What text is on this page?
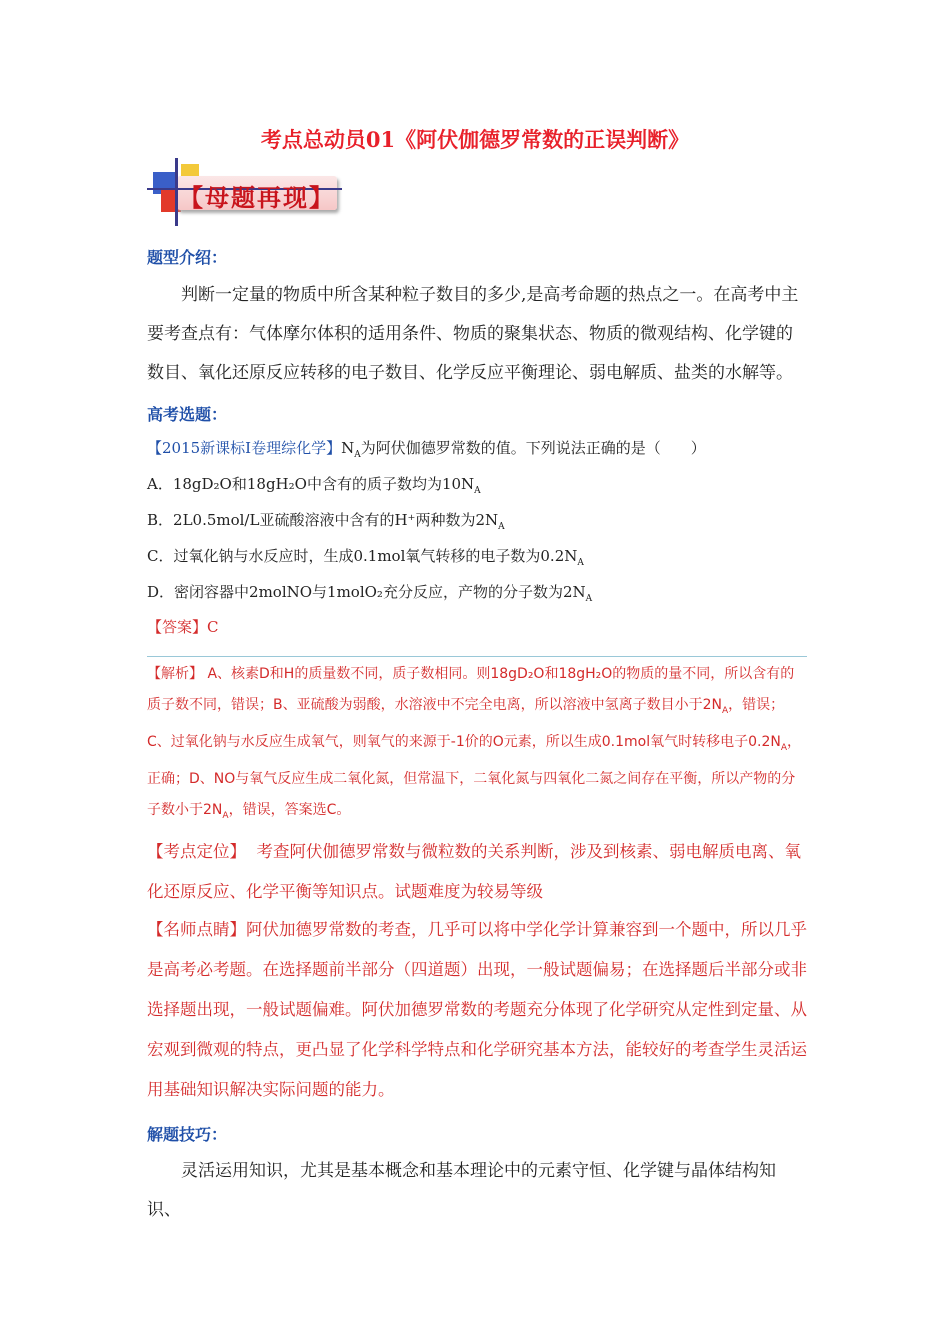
考点总动员01《阿伏伽德罗常数的正误判断》
【母题再现】
题型介绍：
判断一定量的物质中所含某种粒子数目的多少,是高考命题的热点之一。在高考中主要考查点有：气体摩尔体积的适用条件、物质的聚集状态、物质的微观结构、化学键的数目、氧化还原反应转移的电子数目、化学反应平衡理论、弱电解质、盐类的水解等。
高考选题：
【2015新课标Ⅰ卷理综化学】$N_A$为阿伏伽德罗常数的值。下列说法正确的是（　　）
A．18gD₂O和18gH₂O中含有的质子数均为$10N_A$
B．2L0.5mol/L亚硫酸溶液中含有的H⁺两种数为$2N_A$
C．过氧化钠与水反应时，生成0.1mol氧气转移的电子数为$0.2N_A$
D．密闭容器中2molNO与1molO₂充分反应，产物的分子数为$2N_A$
【答案】C
【解析】 A、核素D和H的质量数不同，质子数相同。则18gD₂O和18gH₂O的物质的量不同，所以含有的质子数不同，错误；B、亚硫酸为弱酸，水溶液中不完全电离，所以溶液中氢离子数目小于$2N_A$，错误；C、过氧化钠与水反应生成氧气，则氧气的来源于-1价的O元素，所以生成0.1mol氧气时转移电子$0.2N_A$，正确；D、NO与氧气反应生成二氧化氮，但常温下，二氧化氮与四氧化二氮之间存在平衡，所以产物的分子数小于$2N_A$，错误，答案选C。
【考点定位】 考查阿伏伽德罗常数与微粒数的关系判断，涉及到核素、弱电解质电离、氧化还原反应、化学平衡等知识点。试题难度为较易等级
【名师点睛】阿伏加德罗常数的考查，几乎可以将中学化学计算兼容到一个题中，所以几乎是高考必考题。在选择题前半部分（四道题）出现，一般试题偏易；在选择题后半部分或非选择题出现，一般试题偏难。阿伏加德罗常数的考题充分体现了化学研究从定性到定量、从宏观到微观的特点，更凸显了化学科学特点和化学研究基本方法，能较好的考查学生灵活运用基础知识解决实际问题的能力。
解题技巧：
灵活运用知识，尤其是基本概念和基本理论中的元素守恒、化学键与晶体结构知识、
